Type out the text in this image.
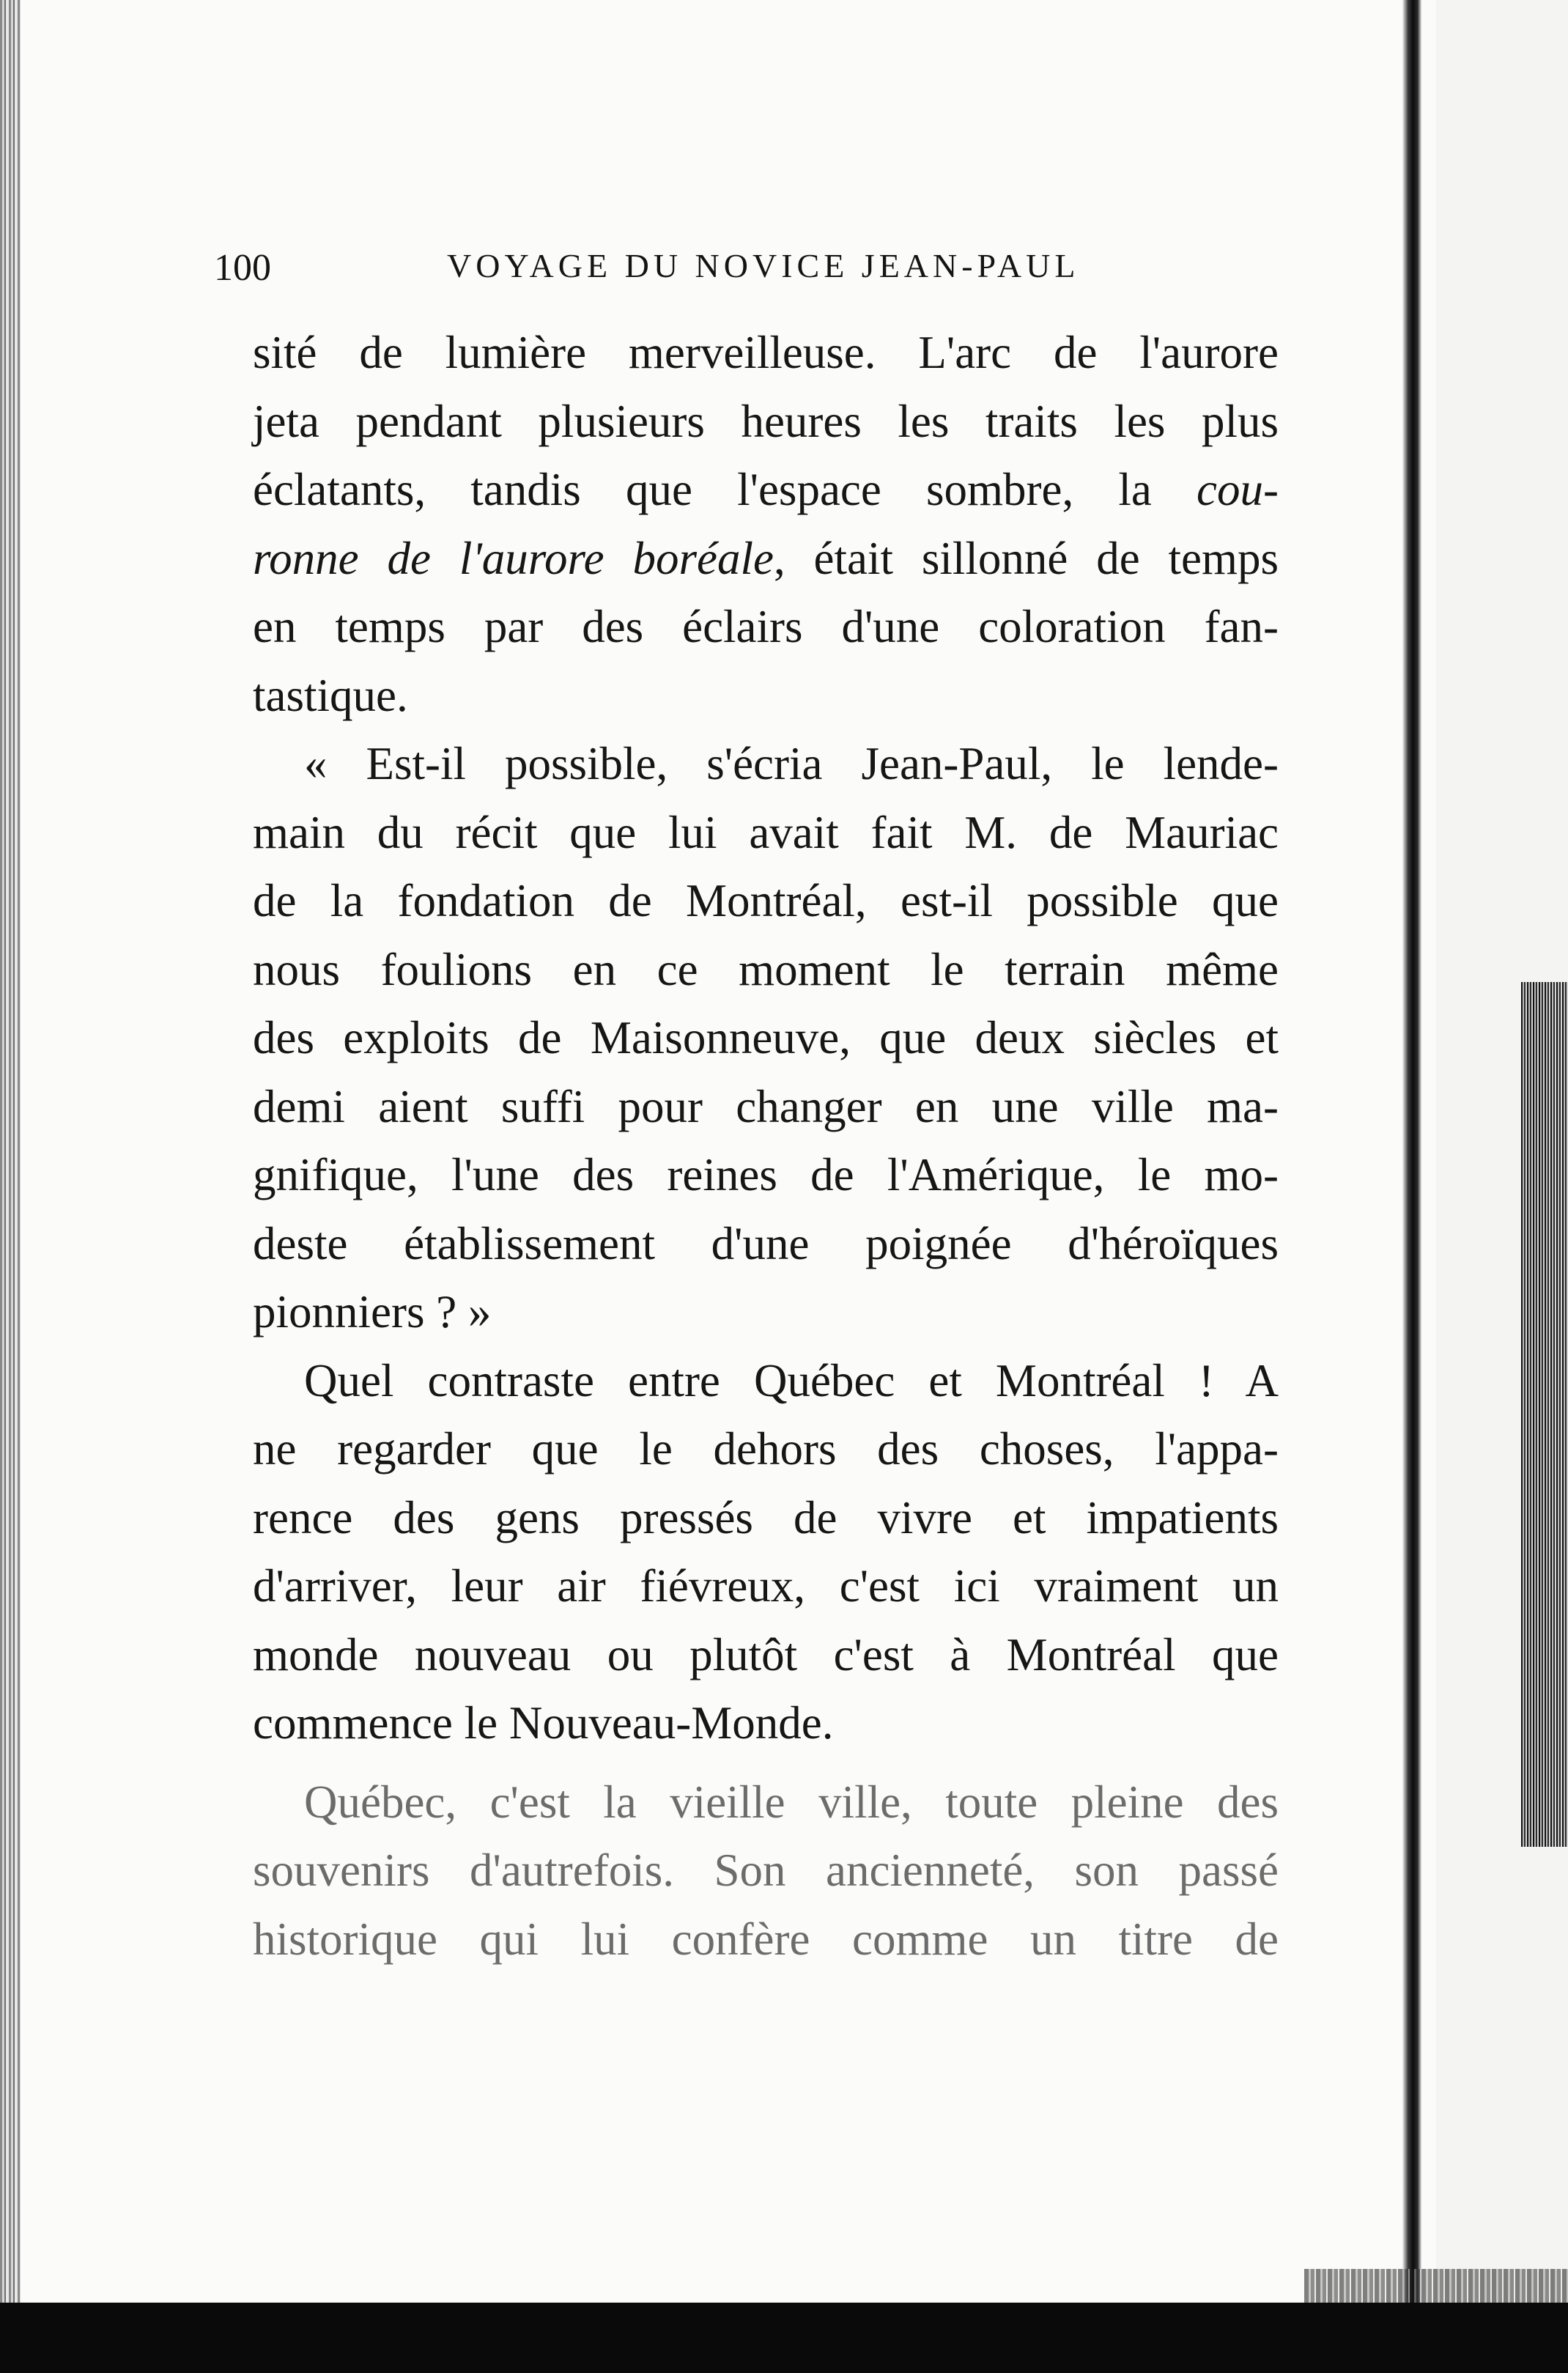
100	VOYAGE DU NOVICE JEAN-PAUL

sité de lumière merveilleuse. L'arc de l'aurore
jeta pendant plusieurs heures les traits les plus
éclatants, tandis que l'espace sombre, la cou-
ronne de l'aurore boréale, était sillonné de temps
en temps par des éclairs d'une coloration fan-
tastique.
« Est-il possible, s'écria Jean-Paul, le lende-
main du récit que lui avait fait M. de Mauriac
de la fondation de Montréal, est-il possible que
nous foulions en ce moment le terrain même
des exploits de Maisonneuve, que deux siècles et
demi aient suffi pour changer en une ville ma-
gnifique, l'une des reines de l'Amérique, le mo-
deste établissement d'une poignée d'héroïques
pionniers ? »
Quel contraste entre Québec et Montréal ! A
ne regarder que le dehors des choses, l'appa-
rence des gens pressés de vivre et impatients
d'arriver, leur air fiévreux, c'est ici vraiment un
monde nouveau ou plutôt c'est à Montréal que
commence le Nouveau-Monde.
Québec, c'est la vieille ville, toute pleine des
souvenirs d'autrefois. Son ancienneté, son passé
historique qui lui confère comme un titre de
